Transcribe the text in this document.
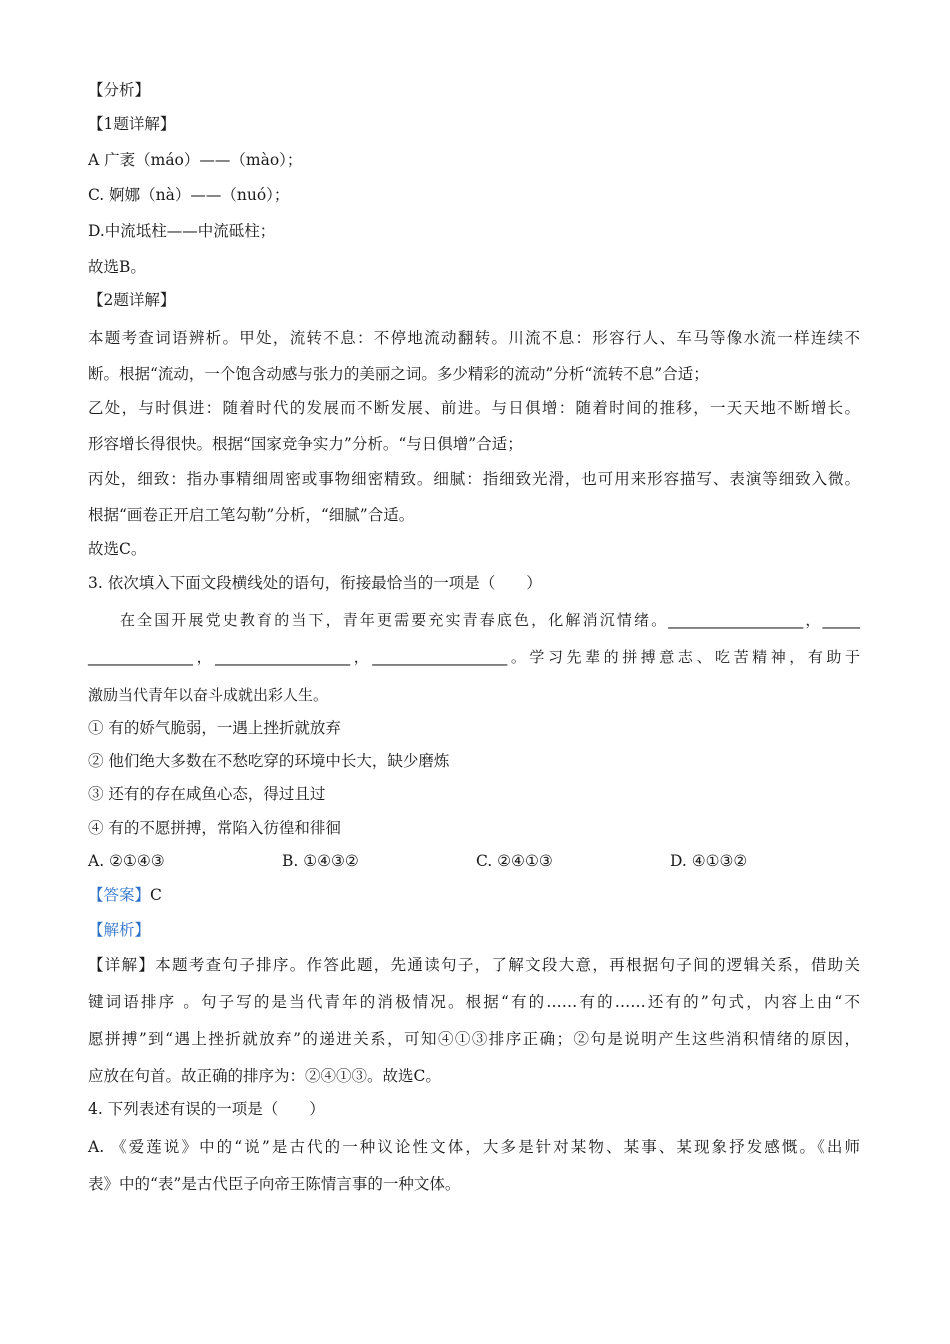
【分析】
【1题详解】
A 广袤（máo）——（mào）；
C. 婀娜（nà）——（nuó）；
D.中流坻柱——中流砥柱；
故选B。
【2题详解】
本题考查词语辨析。甲处，流转不息：不停地流动翻转。川流不息：形容行人、车马等像水流一样连续不
断。根据“流动，一个饱含动感与张力的美丽之词。多少精彩的流动”分析“流转不息”合适；
乙处，与时俱进：随着时代的发展而不断发展、前进。与日俱增：随着时间的推移，一天天地不断增长。
形容增长得很快。根据“国家竞争实力”分析。“与日俱增”合适；
丙处，细致：指办事精细周密或事物细密精致。细腻：指细致光滑，也可用来形容描写、表演等细致入微。
根据“画卷正开启工笔勾勒”分析，“细腻”合适。
故选C。
3. 依次填入下面文段横线处的语句，衔接最恰当的一项是（　　）
在全国开展党史教育的当下，青年更需要充实青春底色，化解消沉情绪。__________________，_____
______________，__________________，__________________。学习先辈的拼搏意志、吃苦精神，有助于
激励当代青年以奋斗成就出彩人生。
① 有的娇气脆弱，一遇上挫折就放弃
② 他们绝大多数在不愁吃穿的环境中长大，缺少磨炼
③ 还有的存在咸鱼心态，得过且过
④ 有的不愿拼搏，常陷入彷徨和徘徊
A. ②①④③	B. ①④③②	C. ②④①③	D. ④①③②
【答案】C
【解析】
【详解】本题考查句子排序。作答此题，先通读句子，了解文段大意，再根据句子间的逻辑关系，借助关
键词语排序 。句子写的是当代青年的消极情况。根据“有的……有的……还有的”句式，内容上由“不
愿拼搏”到“遇上挫折就放弃”的递进关系，可知④①③排序正确；②句是说明产生这些消积情绪的原因，
应放在句首。故正确的排序为：②④①③。故选C。
4. 下列表述有误的一项是（　　）
A. 《爱莲说》中的“说”是古代的一种议论性文体，大多是针对某物、某事、某现象抒发感慨。《出师
表》中的“表”是古代臣子向帝王陈情言事的一种文体。
